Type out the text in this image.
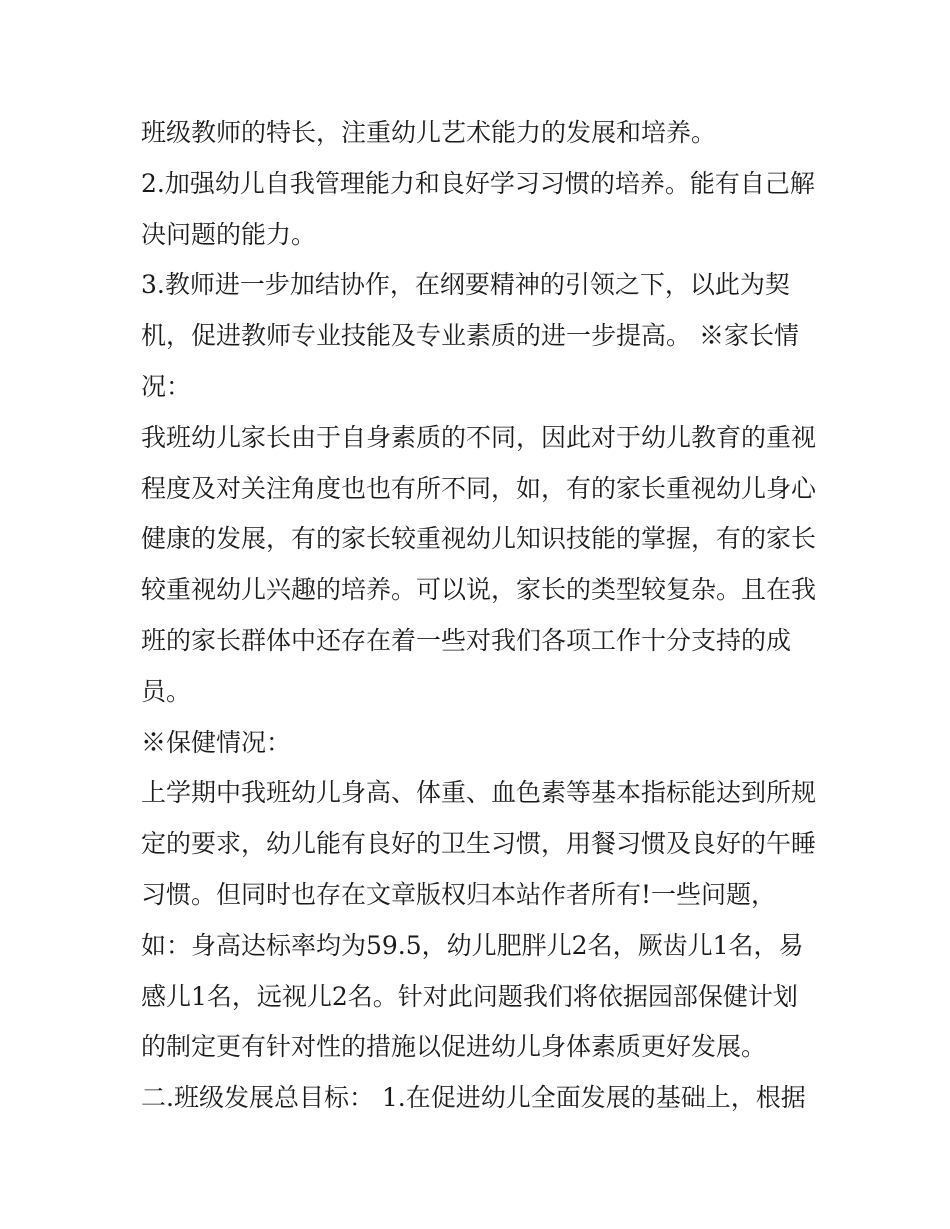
班级教师的特长，注重幼儿艺术能力的发展和培养。
2.加强幼儿自我管理能力和良好学习习惯的培养。能有自己解
决问题的能力。
3.教师进一步加结协作，在纲要精神的引领之下，以此为契
机，促进教师专业技能及专业素质的进一步提高。 ※家长情
况：
我班幼儿家长由于自身素质的不同，因此对于幼儿教育的重视
程度及对关注角度也也有所不同，如，有的家长重视幼儿身心
健康的发展，有的家长较重视幼儿知识技能的掌握，有的家长
较重视幼儿兴趣的培养。可以说，家长的类型较复杂。且在我
班的家长群体中还存在着一些对我们各项工作十分支持的成
员。
※保健情况：
上学期中我班幼儿身高、体重、血色素等基本指标能达到所规
定的要求，幼儿能有良好的卫生习惯，用餐习惯及良好的午睡
习惯。但同时也存在文章版权归本站作者所有!一些问题，
如：身高达标率均为59.5，幼儿肥胖儿2名，厥齿儿1名，易
感儿1名，远视儿2名。针对此问题我们将依据园部保健计划
的制定更有针对性的措施以促进幼儿身体素质更好发展。
二.班级发展总目标： 1.在促进幼儿全面发展的基础上，根据
